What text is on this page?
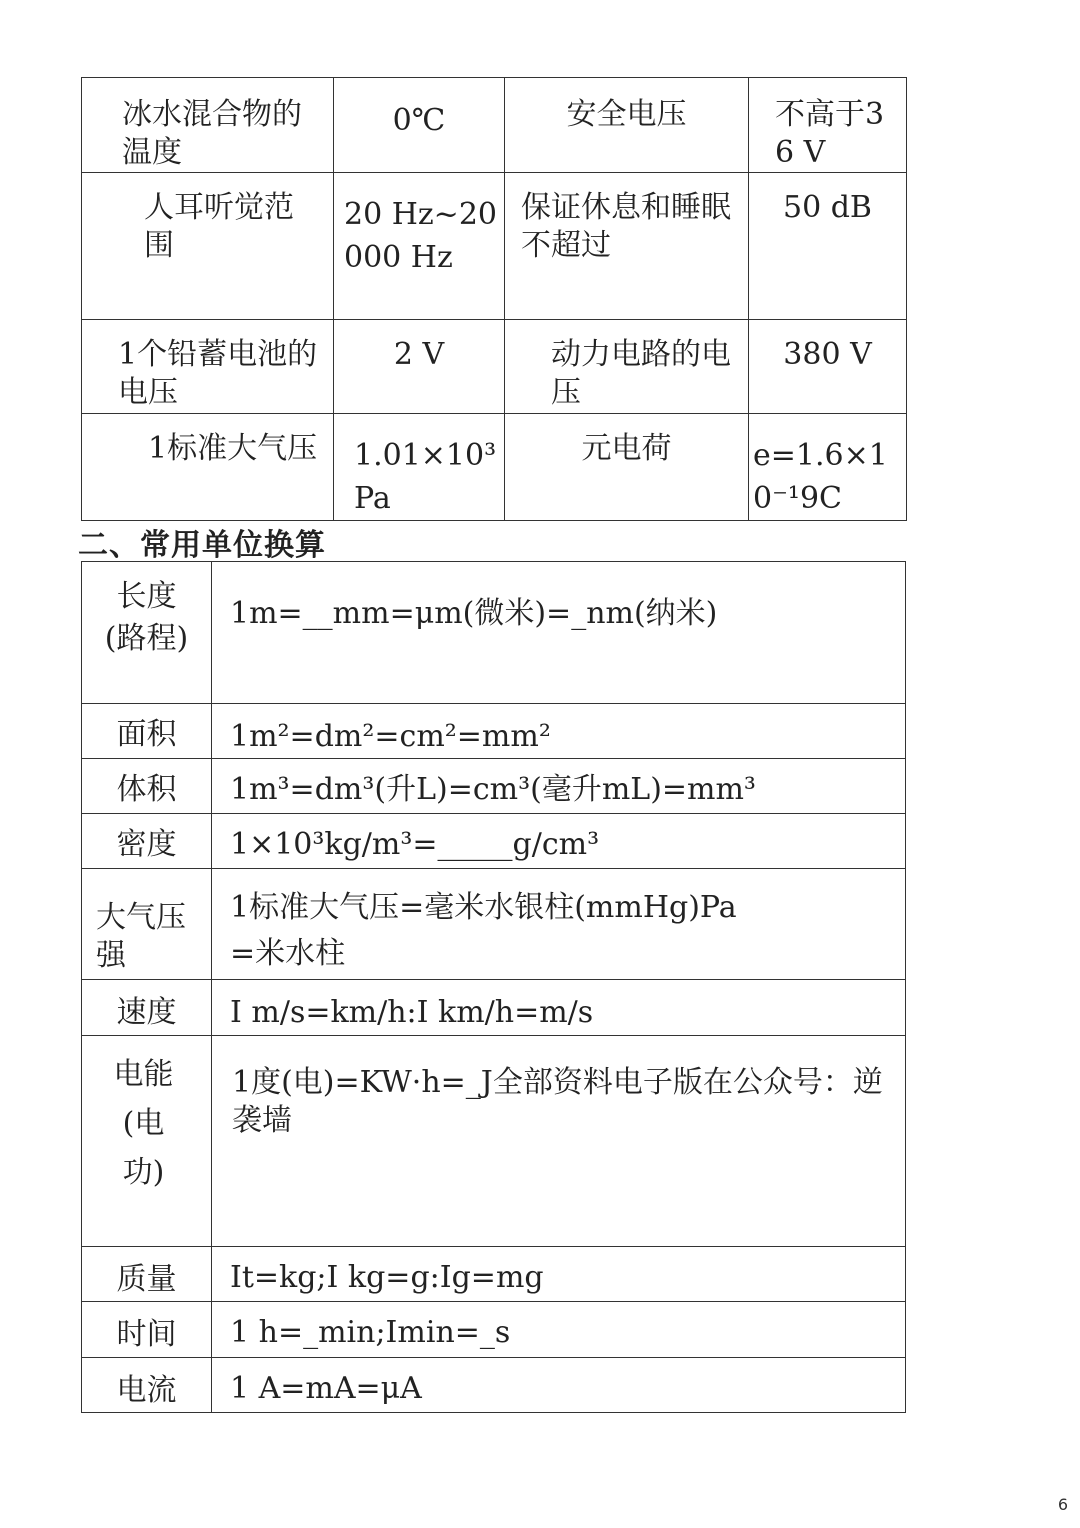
冰水混合物的温度	0℃	安全电压	不高于36 V

人耳听觉范围	20 Hz~20000 Hz	保证休息和睡眠不超过	50 dB

1个铅蓄电池的电压	2 V	动力电路的电压	380 V

1标准大气压	1.01×10³ Pa	元电荷	e=1.6×10⁻¹9C
二、常用单位换算
长度(路程)	1m=__mm=μm(微米)=_nm(纳米)

面积	1m²=dm²=cm²=mm²

体积	1m³=dm³(升L)=cm³(毫升mL)=mm³

密度	1×10³kg/m³=_____g/cm³

大气压强	1标准大气压=毫米水银柱(mmHg)Pa=米水柱

速度	I m/s=km/h:I km/h=m/s

电能(电功)	1度(电)=KW·h=_J全部资料电子版在公众号：逆袭墙

质量	It=kg;I kg=g:Ig=mg

时间	1 h=_min;Imin=_s

电流	1 A=mA=μA
6
